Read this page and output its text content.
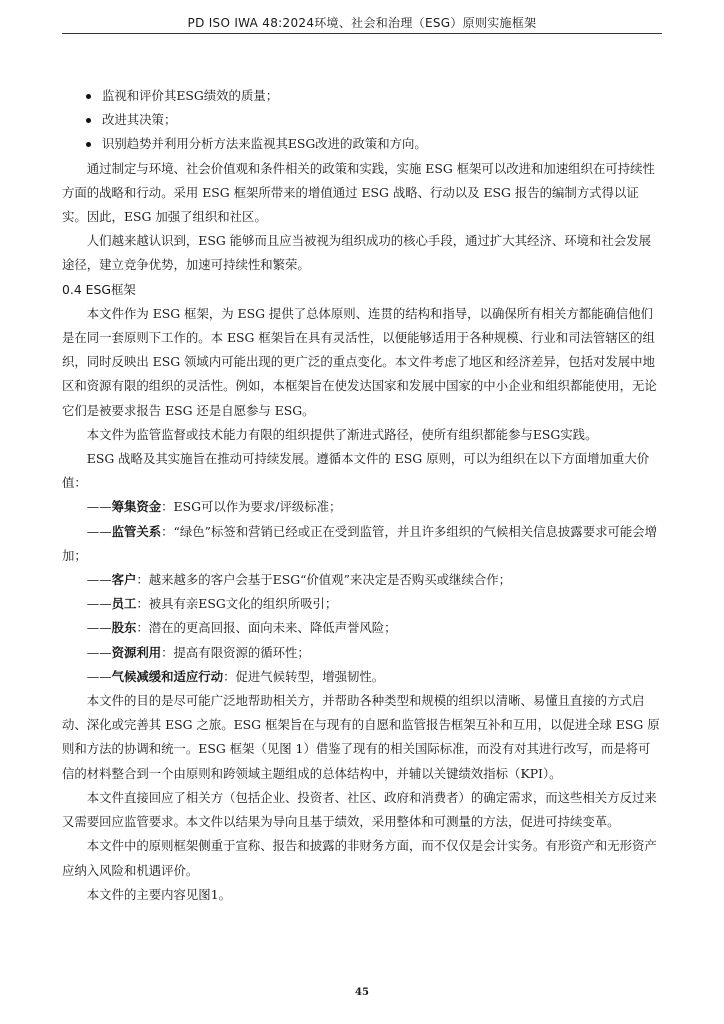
PD ISO IWA 48:2024环境、社会和治理（ESG）原则实施框架
监视和评价其ESG绩效的质量；
改进其决策；
识别趋势并利用分析方法来监视其ESG改进的政策和方向。

通过制定与环境、社会价值观和条件相关的政策和实践，实施 ESG 框架可以改进和加速组织在可持续性方面的战略和行动。采用 ESG 框架所带来的增值通过 ESG 战略、行动以及 ESG 报告的编制方式得以证实。因此，ESG 加强了组织和社区。

人们越来越认识到，ESG 能够而且应当被视为组织成功的核心手段，通过扩大其经济、环境和社会发展途径，建立竞争优势，加速可持续性和繁荣。

0.4 ESG框架

本文件作为 ESG 框架，为 ESG 提供了总体原则、连贯的结构和指导，以确保所有相关方都能确信他们是在同一套原则下工作的。本 ESG 框架旨在具有灵活性，以便能够适用于各种规模、行业和司法管辖区的组织，同时反映出 ESG 领域内可能出现的更广泛的重点变化。本文件考虑了地区和经济差异，包括对发展中地区和资源有限的组织的灵活性。例如，本框架旨在使发达国家和发展中国家的中小企业和组织都能使用，无论它们是被要求报告 ESG 还是自愿参与 ESG。

本文件为监管监督或技术能力有限的组织提供了渐进式路径，使所有组织都能参与ESG实践。

ESG 战略及其实施旨在推动可持续发展。遵循本文件的 ESG 原则，可以为组织在以下方面增加重大价值：

——筹集资金：ESG可以作为要求/评级标准；

——监管关系：“绿色”标签和营销已经或正在受到监管，并且许多组织的气候相关信息披露要求可能会增加；

——客户：越来越多的客户会基于ESG“价值观”来决定是否购买或继续合作；

——员工：被具有亲ESG文化的组织所吸引；

——股东：潜在的更高回报、面向未来、降低声誉风险；

——资源利用：提高有限资源的循环性；

——气候减缓和适应行动：促进气候转型，增强韧性。

本文件的目的是尽可能广泛地帮助相关方，并帮助各种类型和规模的组织以清晰、易懂且直接的方式启动、深化或完善其 ESG 之旅。ESG 框架旨在与现有的自愿和监管报告框架互补和互用，以促进全球 ESG 原则和方法的协调和统一。ESG 框架（见图 1）借鉴了现有的相关国际标准，而没有对其进行改写，而是将可信的材料整合到一个由原则和跨领域主题组成的总体结构中，并辅以关键绩效指标（KPI）。

本文件直接回应了相关方（包括企业、投资者、社区、政府和消费者）的确定需求，而这些相关方反过来又需要回应监管要求。本文件以结果为导向且基于绩效，采用整体和可测量的方法，促进可持续变革。

本文件中的原则框架侧重于宣称、报告和披露的非财务方面，而不仅仅是会计实务。有形资产和无形资产应纳入风险和机遇评价。

本文件的主要内容见图1。

45
